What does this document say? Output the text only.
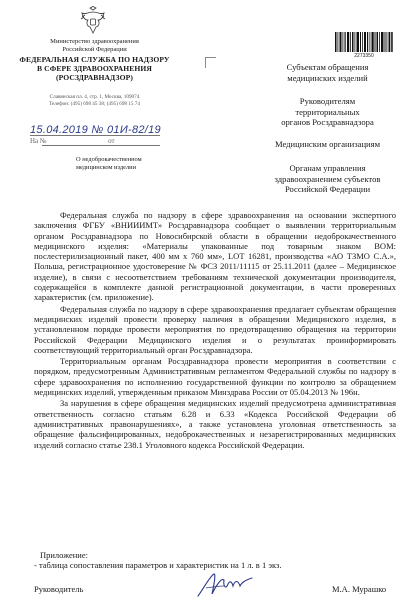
Министерство здравоохранения
Российской Федерации
ФЕДЕРАЛЬНАЯ СЛУЖБА ПО НАДЗОРУ
В СФЕРЕ ЗДРАВООХРАНЕНИЯ
(РОСЗДРАВНАДЗОР)
Славянская пл. 4, стр. 1, Москва, 109074
Телефон: (495) 698 45 38; (495) 698 15 74
15.04.2019 № 01И-82/19
На №	от
О недоброкачественном
медицинском изделии
2273350
Субъектам обращения
медицинских изделий
Руководителям
территориальных
органов Росздравнадзора
Медицинским организациям
Органам управления
здравоохранением субъектов
Российской Федерации

Федеральная служба по надзору в сфере здравоохранения на основании экспертного заключения ФГБУ «ВНИИИМТ» Росздравнадзора сообщает о выявлении территориальным органом Росздравнадзора по Новосибирской области в обращении недоброкачественного медицинского изделия: «Материалы упакованные под товарным знаком ВОМ: послестерилизационный пакет, 400 мм х 760 мм», LOT 16281, производства «АО ТЗМО С.А.», Польша, регистрационное удостоверение № ФСЗ 2011/11115 от 25.11.2011 (далее – Медицинское изделие), в связи с несоответствием требованиям технической документации производителя, содержащейся в комплекте данной регистрационной документации, в части проверенных характеристик (см. приложение).

Федеральная служба по надзору в сфере здравоохранения предлагает субъектам обращения медицинских изделий провести проверку наличия в обращении Медицинского изделия, в установленном порядке провести мероприятия по предотвращению обращения на территории Российской Федерации Медицинского изделия и о результатах проинформировать соответствующий территориальный орган Росздравнадзора.

Территориальным органам Росздравнадзора провести мероприятия в соответствии с порядком, предусмотренным Административным регламентом Федеральной службы по надзору в сфере здравоохранения по исполнению государственной функции по контролю за обращением медицинских изделий, утвержденным приказом Минздрава России от 05.04.2013 № 196н.

За нарушения в сфере обращения медицинских изделий предусмотрена административная ответственность согласно статьям 6.28 и 6.33 «Кодекса Российской Федерации об административных правонарушениях», а также установлена уголовная ответственность за обращение фальсифицированных, недоброкачественных и незарегистрированных медицинских изделий согласно статье 238.1 Уголовного кодекса Российской Федерации.

Приложение:
- таблица сопоставления параметров и характеристик на 1 л. в 1 экз.
Руководитель	М.А. Мурашко
